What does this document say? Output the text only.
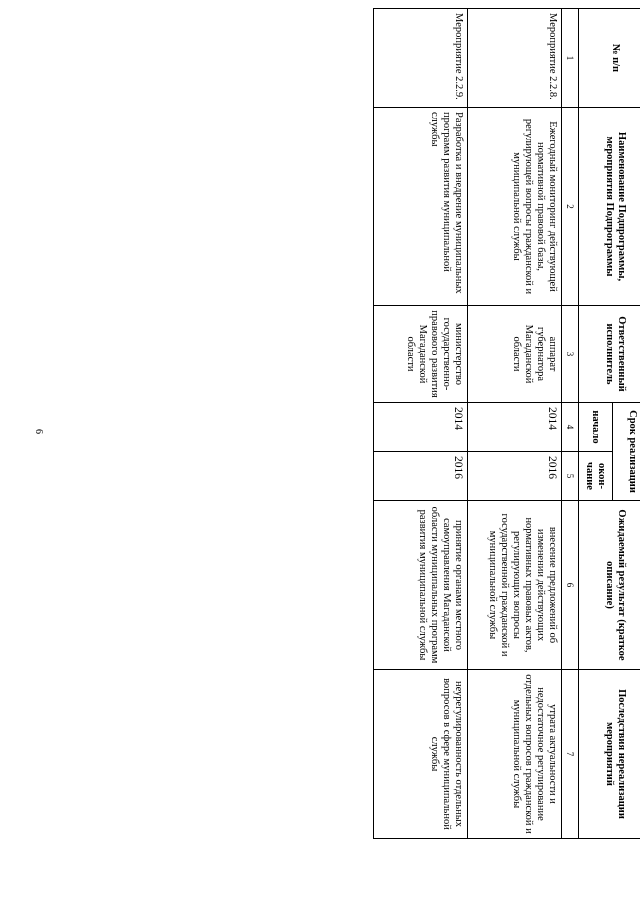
6
№ п/п	Наименование Подпрограммы, мероприятия Подпрограммы	Ответственный исполнитель	Срок реализации		Ожидаемый результат (краткое описание)	Последствия нереализации мероприятий
			начало	окон-чание		
1	2	3	4	5	6	7
Мероприятие 2.2.8.	Ежегодный мониторинг действующей нормативной правовой базы, регулирующей вопросы гражданской и муниципальной службы	аппарат губернатора Магаданской области	2014	2016	внесение предложений об изменении действующих нормативных правовых актов, регулирующих вопросы государственной гражданской и муниципальной службы	утрата актуальности и недостаточное регулирование отдельных вопросов гражданской и муниципальной службы
Мероприятие 2.2.9.	Разработка и внедрение муниципальных программ развития муниципальной службы	министерство государственно-правового развития Магаданской области	2014	2016	принятие органами местного самоуправления Магаданской области муниципальных программ развития муниципальной службы	неурегулированность отдельных вопросов в сфере муниципальной службы
